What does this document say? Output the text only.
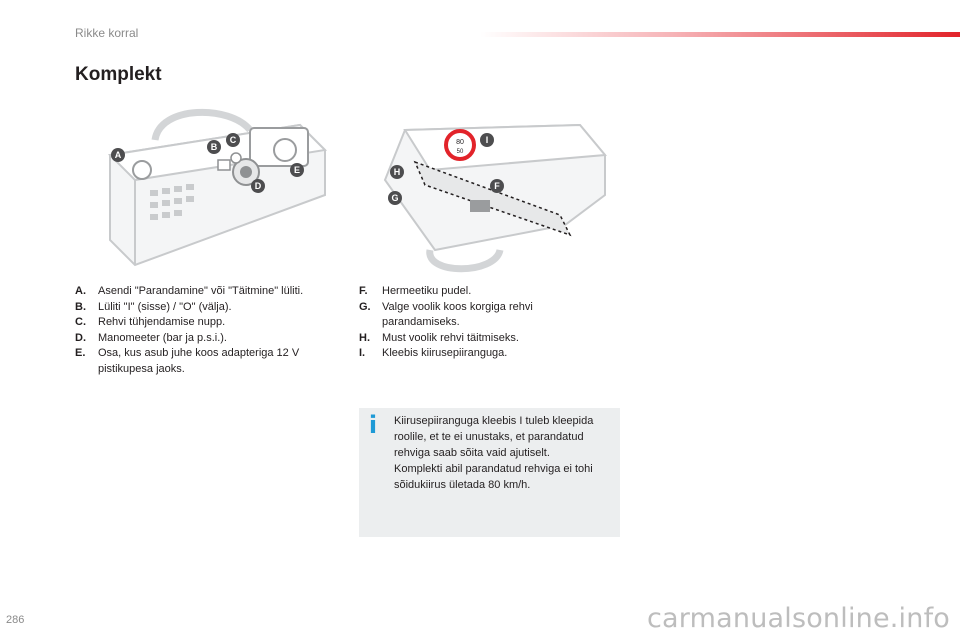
Rikke korral
Komplekt
A
B
C
D
E
80
50
F
G
H
I
A.	Asendi "Parandamine" või "Täitmine" lüliti.
B.	Lüliti "I" (sisse) / "O" (välja).
C.	Rehvi tühjendamise nupp.
D.	Manomeeter (bar ja p.s.i.).
E.	Osa, kus asub juhe koos adapteriga 12 V pistikupesa jaoks.
F.	Hermeetiku pudel.
G.	Valge voolik koos korgiga rehvi parandamiseks.
H.	Must voolik rehvi täitmiseks.
I.	Kleebis kiirusepiiranguga.
i Kiirusepiiranguga kleebis I tuleb kleepida roolile, et te ei unustaks, et parandatud rehviga saab sõita vaid ajutiselt.

Komplekti abil parandatud rehviga ei tohi sõidukiirus ületada 80 km/h.

286	carmanualsonline.info
